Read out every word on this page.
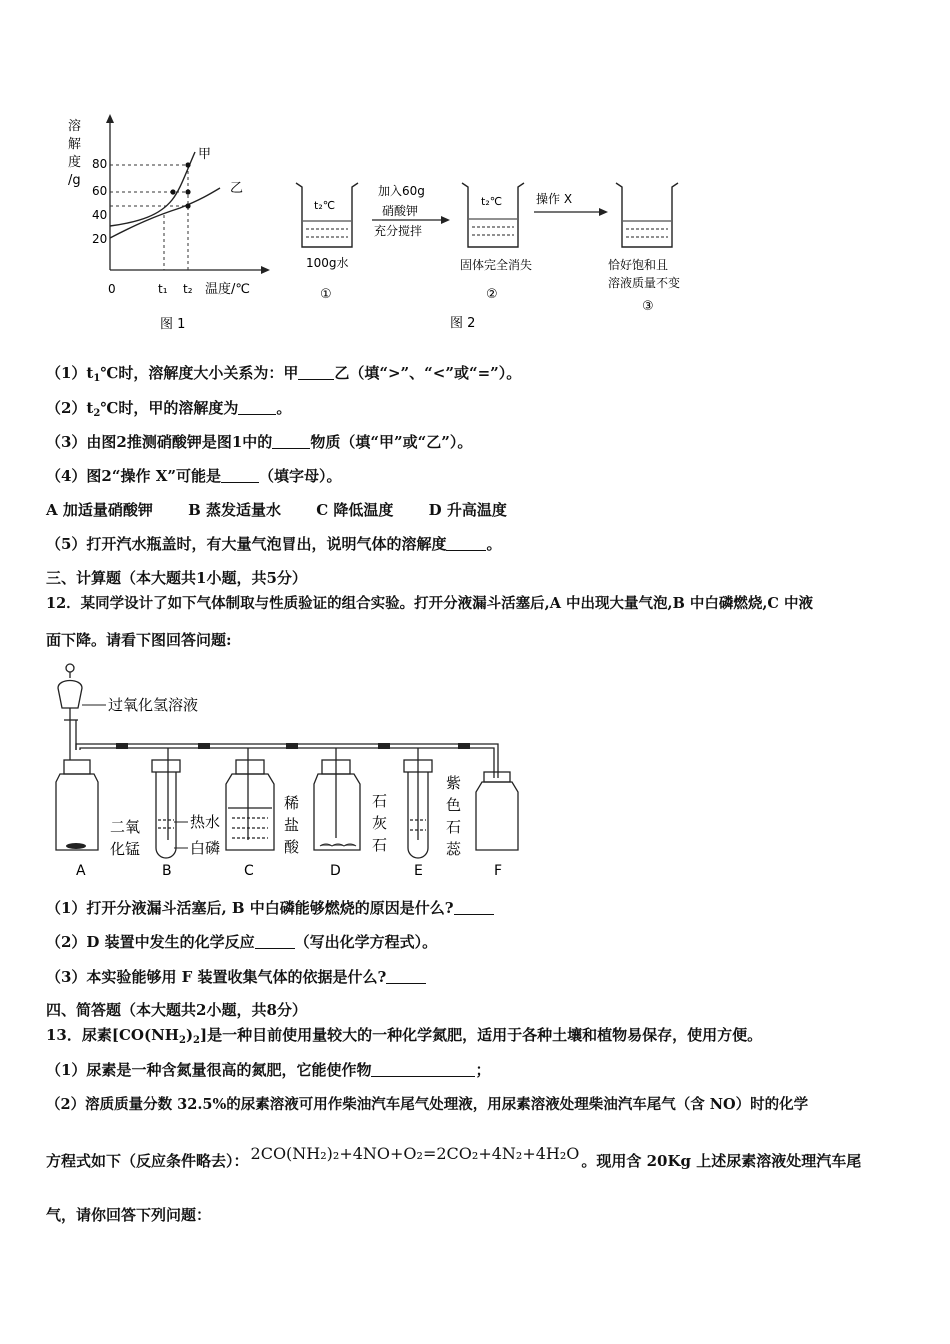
溶
解
度
/g
80
60
40
20
甲
乙
0	t₁ t₂ 温度/℃
图 1
t₂℃
100g水
①
加入60g
硝酸钾
充分搅拌
t₂℃
固体完全消失
②
操作 X
恰好饱和且
溶液质量不变
③
图 2
$(1)t_1℃$时，溶解度大小关系为：甲 乙（填“>”、“<”或“=”）。
$(2)t_2℃$时，甲的溶解度为	。
（3）由图2推测硝酸钾是图1中的	物质（填“甲”或“乙”）。
（4）图2“操作 X”可能是	（填字母）。
A 加适量硝酸钾 B 蒸发适量水 C 降低温度 D 升高温度
（5）打开汽水瓶盖时，有大量气泡冒出，说明气体的溶解度	。
三、计算题（本大题共1小题，共5分）
12．某同学设计了如下气体制取与性质验证的组合实验。打开分液漏斗活塞后,A 中出现大量气泡,B 中白磷燃烧,C 中液
面下降。请看下图回答问题:
过氧化氢溶液
二氧
化锰
热水
白磷
稀
盐
酸
石
灰
石
紫
色
石
蕊
A	B	C	D	E	F
（1）打开分液漏斗活塞后, B 中白磷能够燃烧的原因是什么?
（2）D 装置中发生的化学反应	（写出化学方程式）。
（3）本实验能够用 F 装置收集气体的依据是什么?
四、简答题（本大题共2小题，共8分）
13．尿素$[CO(NH_2)_2]$是一种目前使用量较大的一种化学氮肥，适用于各种土壤和植物易保存，使用方便。
（1）尿素是一种含氮量很高的氮肥，它能使作物	；
（2）溶质质量分数 32.5%的尿素溶液可用作柴油汽车尾气处理液，用尿素溶液处理柴油汽车尾气（含 NO）时的化学
方程式如下（反应条件略去）： 2CO(NH₂)₂+4NO+O₂=2CO₂+4N₂+4H₂O 。现用含 20Kg 上述尿素溶液处理汽车尾
气，请你回答下列问题：
